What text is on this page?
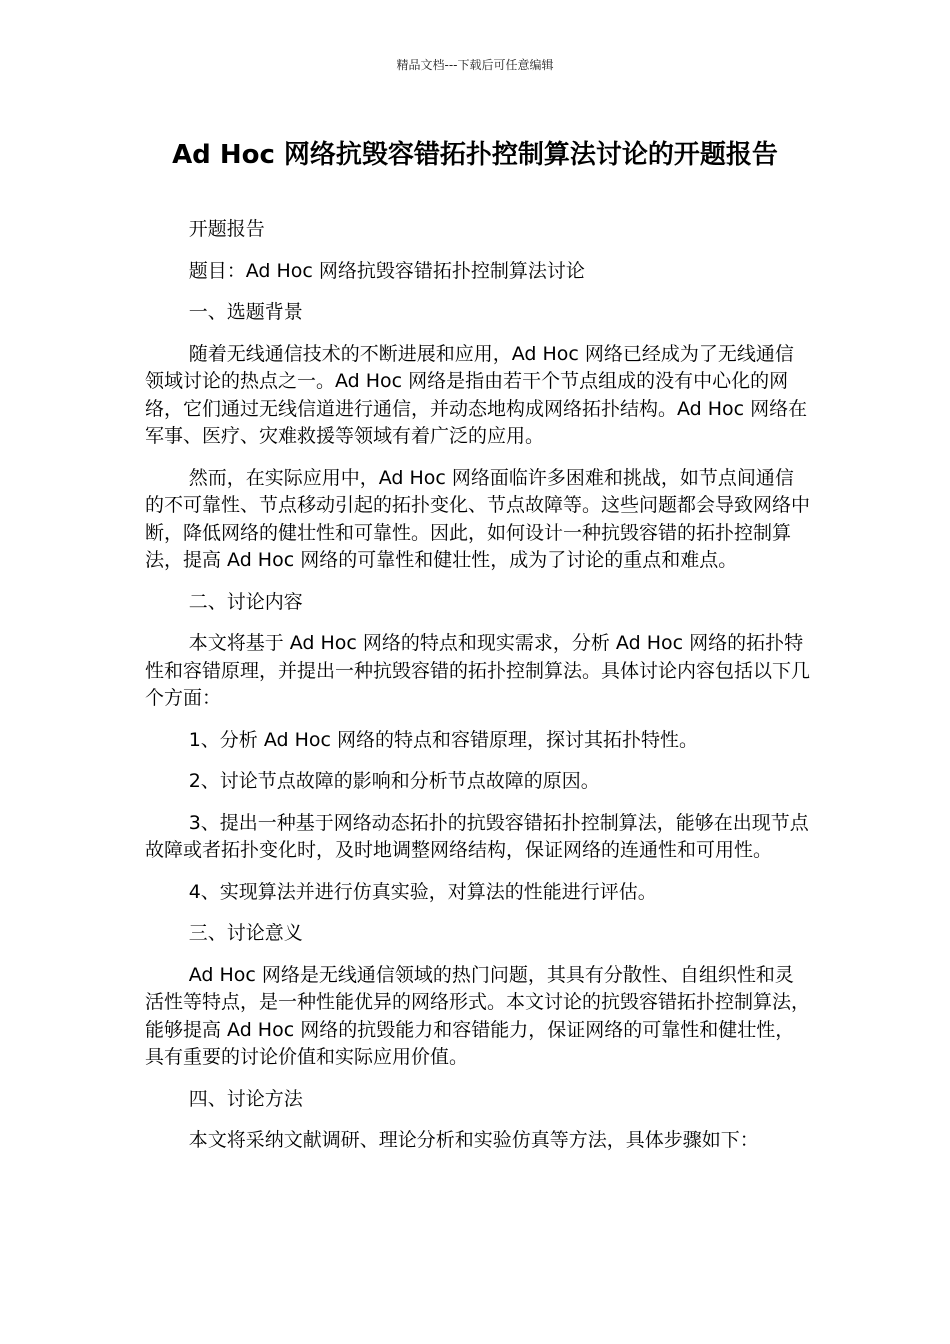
精品文档---下载后可任意编辑
Ad Hoc 网络抗毁容错拓扑控制算法讨论的开题报告

开题报告

题目：Ad Hoc 网络抗毁容错拓扑控制算法讨论

一、选题背景

随着无线通信技术的不断进展和应用，Ad Hoc 网络已经成为了无线通信领域讨论的热点之一。Ad Hoc 网络是指由若干个节点组成的没有中心化的网络，它们通过无线信道进行通信，并动态地构成网络拓扑结构。Ad Hoc 网络在军事、医疗、灾难救援等领域有着广泛的应用。

然而，在实际应用中，Ad Hoc 网络面临许多困难和挑战，如节点间通信的不可靠性、节点移动引起的拓扑变化、节点故障等。这些问题都会导致网络中断，降低网络的健壮性和可靠性。因此，如何设计一种抗毁容错的拓扑控制算法，提高 Ad Hoc 网络的可靠性和健壮性，成为了讨论的重点和难点。

二、讨论内容

本文将基于 Ad Hoc 网络的特点和现实需求，分析 Ad Hoc 网络的拓扑特性和容错原理，并提出一种抗毁容错的拓扑控制算法。具体讨论内容包括以下几个方面：

1、分析 Ad Hoc 网络的特点和容错原理，探讨其拓扑特性。

2、讨论节点故障的影响和分析节点故障的原因。

3、提出一种基于网络动态拓扑的抗毁容错拓扑控制算法，能够在出现节点故障或者拓扑变化时，及时地调整网络结构，保证网络的连通性和可用性。

4、实现算法并进行仿真实验，对算法的性能进行评估。

三、讨论意义

Ad Hoc 网络是无线通信领域的热门问题，其具有分散性、自组织性和灵活性等特点，是一种性能优异的网络形式。本文讨论的抗毁容错拓扑控制算法，能够提高 Ad Hoc 网络的抗毁能力和容错能力，保证网络的可靠性和健壮性，具有重要的讨论价值和实际应用价值。

四、讨论方法

本文将采纳文献调研、理论分析和实验仿真等方法，具体步骤如下：
